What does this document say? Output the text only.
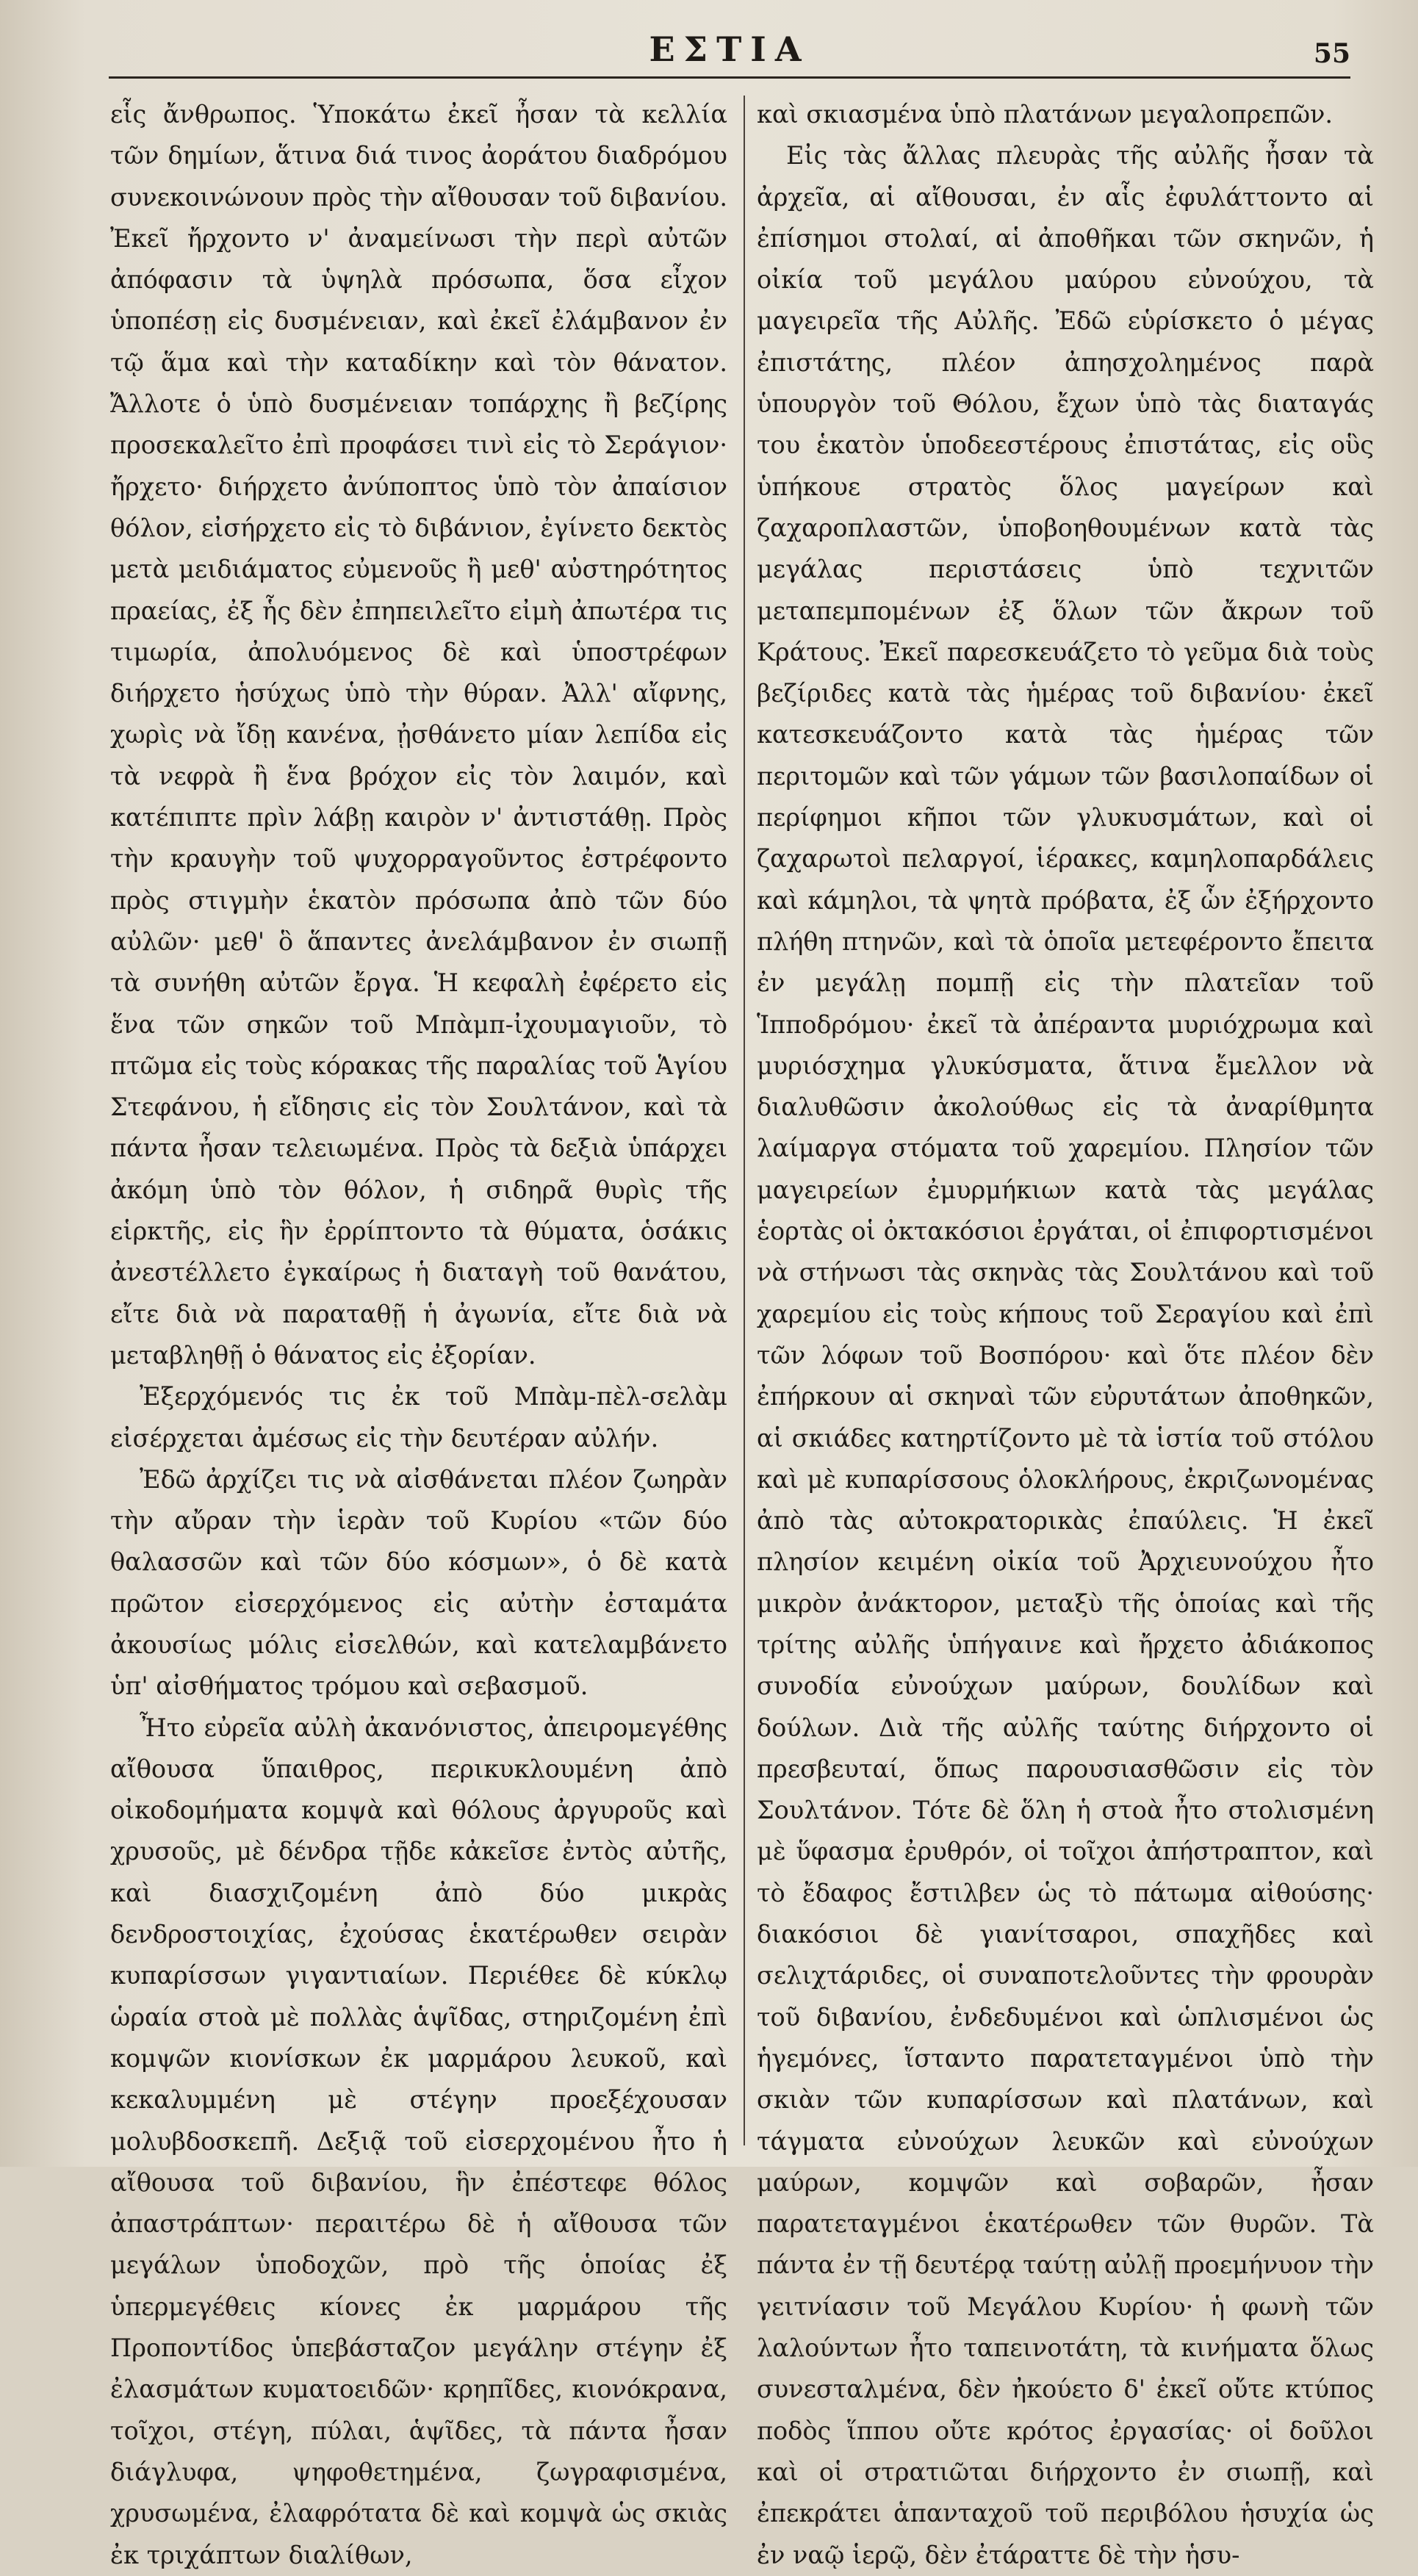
ΕΣΤΙΑ	55

εἷς ἄνθρωπος. Ὑποκάτω ἐκεῖ ἦσαν τὰ κελλία τῶν δημίων, ἅτινα διά τινος ἀοράτου διαδρόμου συνεκοινώνουν πρὸς τὴν αἴθουσαν τοῦ διβανίου. Ἐκεῖ ἤρχοντο ν' ἀναμείνωσι τὴν περὶ αὐτῶν ἀπόφασιν τὰ ὑψηλὰ πρόσωπα, ὅσα εἶχον ὑποπέσῃ εἰς δυσμένειαν, καὶ ἐκεῖ ἐλάμβανον ἐν τῷ ἅμα καὶ τὴν καταδίκην καὶ τὸν θάνατον. Ἄλλοτε ὁ ὑπὸ δυσμένειαν τοπάρχης ἢ βεζίρης προσεκαλεῖτο ἐπὶ προφάσει τινὶ εἰς τὸ Σεράγιον· ἤρχετο· διήρχετο ἀνύποπτος ὑπὸ τὸν ἀπαίσιον θόλον, εἰσήρχετο εἰς τὸ διβάνιον, ἐγίνετο δεκτὸς μετὰ μειδιάματος εὐμενοῦς ἢ μεθ' αὐστηρότητος πραείας, ἐξ ἧς δὲν ἐπηπειλεῖτο εἰμὴ ἀπωτέρα τις τιμωρία, ἀπολυόμενος δὲ καὶ ὑποστρέφων διήρχετο ἡσύχως ὑπὸ τὴν θύραν. Ἀλλ' αἴφνης, χωρὶς νὰ ἴδῃ κανένα, ᾐσθάνετο μίαν λεπίδα εἰς τὰ νεφρὰ ἢ ἕνα βρόχον εἰς τὸν λαιμόν, καὶ κατέπιπτε πρὶν λάβῃ καιρὸν ν' ἀντιστάθῃ. Πρὸς τὴν κραυγὴν τοῦ ψυχορραγοῦντος ἐστρέφοντο πρὸς στιγμὴν ἑκατὸν πρόσωπα ἀπὸ τῶν δύο αὐλῶν· μεθ' ὃ ἅπαντες ἀνελάμβανον ἐν σιωπῇ τὰ συνήθη αὐτῶν ἔργα. Ἡ κεφαλὴ ἐφέρετο εἰς ἕνα τῶν σηκῶν τοῦ Μπὰμπ-ἰχουμαγιοῦν, τὸ πτῶμα εἰς τοὺς κόρακας τῆς παραλίας τοῦ Ἁγίου Στεφάνου, ἡ εἴδησις εἰς τὸν Σουλτάνον, καὶ τὰ πάντα ἦσαν τελειωμένα. Πρὸς τὰ δεξιὰ ὑπάρχει ἀκόμη ὑπὸ τὸν θόλον, ἡ σιδηρᾶ θυρὶς τῆς εἱρκτῆς, εἰς ἣν ἐρρίπτοντο τὰ θύματα, ὁσάκις ἀνεστέλλετο ἐγκαίρως ἡ διαταγὴ τοῦ θανάτου, εἴτε διὰ νὰ παραταθῇ ἡ ἀγωνία, εἴτε διὰ νὰ μεταβληθῇ ὁ θάνατος εἰς ἐξορίαν.

Ἐξερχόμενός τις ἐκ τοῦ Μπὰμ-πὲλ-σελὰμ εἰσέρχεται ἀμέσως εἰς τὴν δευτέραν αὐλήν.

Ἐδῶ ἀρχίζει τις νὰ αἰσθάνεται πλέον ζωηρὰν τὴν αὔραν τὴν ἱερὰν τοῦ Κυρίου «τῶν δύο θαλασσῶν καὶ τῶν δύο κόσμων», ὁ δὲ κατὰ πρῶτον εἰσερχόμενος εἰς αὐτὴν ἐσταμάτα ἀκουσίως μόλις εἰσελθών, καὶ κατελαμβάνετο ὑπ' αἰσθήματος τρόμου καὶ σεβασμοῦ.

Ἦτο εὐρεῖα αὐλὴ ἀκανόνιστος, ἀπειρομεγέθης αἴθουσα ὕπαιθρος, περικυκλουμένη ἀπὸ οἰκοδομήματα κομψὰ καὶ θόλους ἀργυροῦς καὶ χρυσοῦς, μὲ δένδρα τῇδε κἀκεῖσε ἐντὸς αὐτῆς, καὶ διασχιζομένη ἀπὸ δύο μικρὰς δενδροστοιχίας, ἐχούσας ἑκατέρωθεν σειρὰν κυπαρίσσων γιγαντιαίων. Περιέθεε δὲ κύκλῳ ὡραία στοὰ μὲ πολλὰς ἁψῖδας, στηριζομένη ἐπὶ κομψῶν κιονίσκων ἐκ μαρμάρου λευκοῦ, καὶ κεκαλυμμένη μὲ στέγην προεξέχουσαν μολυβδοσκεπῆ. Δεξιᾷ τοῦ εἰσερχομένου ἦτο ἡ αἴθουσα τοῦ διβανίου, ἣν ἐπέστεφε θόλος ἀπαστράπτων· περαιτέρω δὲ ἡ αἴθουσα τῶν μεγάλων ὑποδοχῶν, πρὸ τῆς ὁποίας ἐξ ὑπερμεγέθεις κίονες ἐκ μαρμάρου τῆς Προποντίδος ὑπεβάσταζον μεγάλην στέγην ἐξ ἐλασμάτων κυματοειδῶν· κρηπῖδες, κιονόκρανα, τοῖχοι, στέγη, πύλαι, ἁψῖδες, τὰ πάντα ἦσαν διάγλυφα, ψηφοθετημένα, ζωγραφισμένα, χρυσωμένα, ἐλαφρότατα δὲ καὶ κομψὰ ὡς σκιὰς ἐκ τριχάπτων διαλίθων,

καὶ σκιασμένα ὑπὸ πλατάνων μεγαλοπρεπῶν.

Εἰς τὰς ἄλλας πλευρὰς τῆς αὐλῆς ἦσαν τὰ ἀρχεῖα, αἱ αἴθουσαι, ἐν αἷς ἐφυλάττοντο αἱ ἐπίσημοι στολαί, αἱ ἀποθῆκαι τῶν σκηνῶν, ἡ οἰκία τοῦ μεγάλου μαύρου εὐνούχου, τὰ μαγειρεῖα τῆς Αὐλῆς. Ἐδῶ εὑρίσκετο ὁ μέγας ἐπιστάτης, πλέον ἀπησχολημένος παρὰ ὑπουργὸν τοῦ Θόλου, ἔχων ὑπὸ τὰς διαταγάς του ἑκατὸν ὑποδεεστέρους ἐπιστάτας, εἰς οὓς ὑπήκουε στρατὸς ὅλος μαγείρων καὶ ζαχαροπλαστῶν, ὑποβοηθουμένων κατὰ τὰς μεγάλας περιστάσεις ὑπὸ τεχνιτῶν μεταπεμπομένων ἐξ ὅλων τῶν ἄκρων τοῦ Κράτους. Ἐκεῖ παρεσκευάζετο τὸ γεῦμα διὰ τοὺς βεζίριδες κατὰ τὰς ἡμέρας τοῦ διβανίου· ἐκεῖ κατεσκευάζοντο κατὰ τὰς ἡμέρας τῶν περιτομῶν καὶ τῶν γάμων τῶν βασιλοπαίδων οἱ περίφημοι κῆποι τῶν γλυκυσμάτων, καὶ οἱ ζαχαρωτοὶ πελαργοί, ἱέρακες, καμηλοπαρδάλεις καὶ κάμηλοι, τὰ ψητὰ πρόβατα, ἐξ ὧν ἐξήρχοντο πλήθη πτηνῶν, καὶ τὰ ὁποῖα μετεφέροντο ἔπειτα ἐν μεγάλῃ πομπῇ εἰς τὴν πλατεῖαν τοῦ Ἱπποδρόμου· ἐκεῖ τὰ ἀπέραντα μυριόχρωμα καὶ μυριόσχημα γλυκύσματα, ἅτινα ἔμελλον νὰ διαλυθῶσιν ἀκολούθως εἰς τὰ ἀναρίθμητα λαίμαργα στόματα τοῦ χαρεμίου. Πλησίον τῶν μαγειρείων ἐμυρμήκιων κατὰ τὰς μεγάλας ἑορτὰς οἱ ὀκτακόσιοι ἐργάται, οἱ ἐπιφορτισμένοι νὰ στήνωσι τὰς σκηνὰς τὰς Σουλτάνου καὶ τοῦ χαρεμίου εἰς τοὺς κήπους τοῦ Σεραγίου καὶ ἐπὶ τῶν λόφων τοῦ Βοσπόρου· καὶ ὅτε πλέον δὲν ἐπήρκουν αἱ σκηναὶ τῶν εὐρυτάτων ἀποθηκῶν, αἱ σκιάδες κατηρτίζοντο μὲ τὰ ἱστία τοῦ στόλου καὶ μὲ κυπαρίσσους ὁλοκλήρους, ἐκριζωνομένας ἀπὸ τὰς αὐτοκρατορικὰς ἐπαύλεις. Ἡ ἐκεῖ πλησίον κειμένη οἰκία τοῦ Ἀρχιευνούχου ἦτο μικρὸν ἀνάκτορον, μεταξὺ τῆς ὁποίας καὶ τῆς τρίτης αὐλῆς ὑπήγαινε καὶ ἤρχετο ἀδιάκοπος συνοδία εὐνούχων μαύρων, δουλίδων καὶ δούλων. Διὰ τῆς αὐλῆς ταύτης διήρχοντο οἱ πρεσβευταί, ὅπως παρουσιασθῶσιν εἰς τὸν Σουλτάνον. Τότε δὲ ὅλη ἡ στοὰ ἦτο στολισμένη μὲ ὕφασμα ἐρυθρόν, οἱ τοῖχοι ἀπήστραπτον, καὶ τὸ ἔδαφος ἔστιλβεν ὡς τὸ πάτωμα αἰθούσης· διακόσιοι δὲ γιανίτσαροι, σπαχῆδες καὶ σελιχτάριδες, οἱ συναποτελοῦντες τὴν φρουρὰν τοῦ διβανίου, ἐνδεδυμένοι καὶ ὡπλισμένοι ὡς ἡγεμόνες, ἵσταντο παρατεταγμένοι ὑπὸ τὴν σκιὰν τῶν κυπαρίσσων καὶ πλατάνων, καὶ τάγματα εὐνούχων λευκῶν καὶ εὐνούχων μαύρων, κομψῶν καὶ σοβαρῶν, ἦσαν παρατεταγμένοι ἑκατέρωθεν τῶν θυρῶν. Τὰ πάντα ἐν τῇ δευτέρᾳ ταύτῃ αὐλῇ προεμήνυον τὴν γειτνίασιν τοῦ Μεγάλου Κυρίου· ἡ φωνὴ τῶν λαλούντων ἦτο ταπεινοτάτη, τὰ κινήματα ὅλως συνεσταλμένα, δὲν ἠκούετο δ' ἐκεῖ οὔτε κτύπος ποδὸς ἵππου οὔτε κρότος ἐργασίας· οἱ δοῦλοι καὶ οἱ στρατιῶται διήρχοντο ἐν σιωπῇ, καὶ ἐπεκράτει ἁπανταχοῦ τοῦ περιβόλου ἡσυχία ὡς ἐν ναῷ ἱερῷ, δὲν ἐτάραττε δὲ τὴν ἡσυ-
